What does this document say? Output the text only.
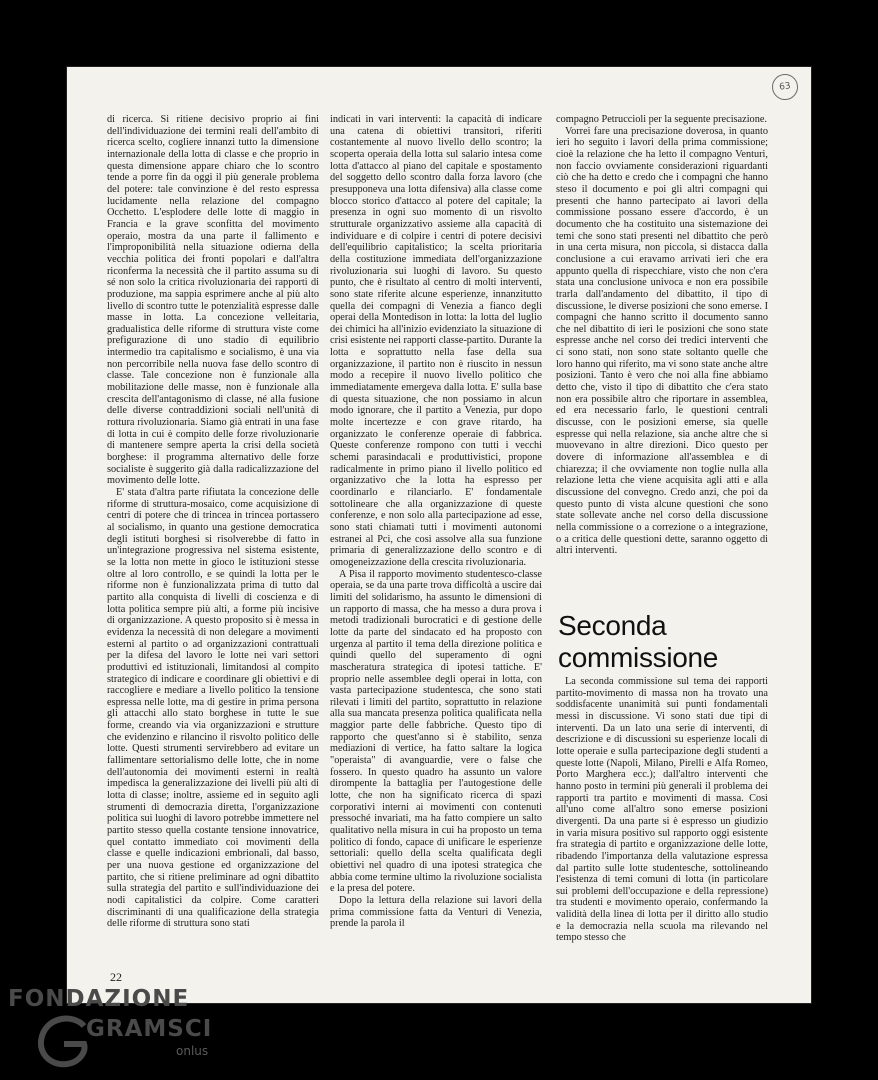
63

di ricerca. Si ritiene decisivo proprio ai fini dell'individuazione dei termini reali dell'ambito di ricerca scelto, cogliere innanzi tutto la dimensione internazionale della lotta di classe e che proprio in questa dimensione appare chiaro che lo scontro tende a porre fin da oggi il più generale problema del potere: tale convinzione è del resto espressa lucidamente nella relazione del compagno Occhetto. L'esplodere delle lotte di maggio in Francia e la grave sconfitta del movimento operaio, mostra da una parte il fallimento e l'improponibilità nella situazione odierna della vecchia politica dei fronti popolari e dall'altra riconferma la necessità che il partito assuma su di sé non solo la critica rivoluzionaria dei rapporti di produzione, ma sappia esprimere anche al più alto livello di scontro tutte le potenzialità espresse dalle masse in lotta. La concezione velleitaria, gradualistica delle riforme di struttura viste come prefigurazione di uno stadio di equilibrio intermedio tra capitalismo e socialismo, è una via non percorribile nella nuova fase dello scontro di classe. Tale concezione non è funzionale alla mobilitazione delle masse, non è funzionale alla crescita dell'antagonismo di classe, né alla fusione delle diverse contraddizioni sociali nell'unità di rottura rivoluzionaria. Siamo già entrati in una fase di lotta in cui è compito delle forze rivoluzionarie di mantenere sempre aperta la crisi della società borghese: il programma alternativo delle forze socialiste è suggerito già dalla radicalizzazione del movimento delle lotte.

E' stata d'altra parte rifiutata la concezione delle riforme di struttura-mosaico, come acquisizione di centri di potere che di trincea in trincea portassero al socialismo, in quanto una gestione democratica degli istituti borghesi si risolverebbe di fatto in un'integrazione progressiva nel sistema esistente, se la lotta non mette in gioco le istituzioni stesse oltre al loro controllo, e se quindi la lotta per le riforme non è funzionalizzata prima di tutto dal partito alla conquista di livelli di coscienza e di lotta politica sempre più alti, a forme più incisive di organizzazione. A questo proposito si è messa in evidenza la necessità di non delegare a movimenti esterni al partito o ad organizzazioni contrattuali per la difesa del lavoro le lotte nei vari settori produttivi ed istituzionali, limitandosi al compito strategico di indicare e coordinare gli obiettivi e di raccogliere e mediare a livello politico la tensione espressa nelle lotte, ma di gestire in prima persona gli attacchi allo stato borghese in tutte le sue forme, creando via via organizzazioni e strutture che evidenzino e rilancino il risvolto politico delle lotte. Questi strumenti servirebbero ad evitare un fallimentare settorialismo delle lotte, che in nome dell'autonomia dei movimenti esterni in realtà impedisca la generalizzazione dei livelli più alti di lotta di classe; inoltre, assieme ed in seguito agli strumenti di democrazia diretta, l'organizzazione politica sui luoghi di lavoro potrebbe immettere nel partito stesso quella costante tensione innovatrice, quel contatto immediato coi movimenti della classe e quelle indicazioni embrionali, dal basso, per una nuova gestione ed organizzazione del partito, che si ritiene preliminare ad ogni dibattito sulla strategia del partito e sull'individuazione dei nodi capitalistici da colpire. Come caratteri discriminanti di una qualificazione della strategia delle riforme di struttura sono stati

indicati in vari interventi: la capacità di indicare una catena di obiettivi transitori, riferiti costantemente al nuovo livello dello scontro; la scoperta operaia della lotta sul salario intesa come lotta d'attacco al piano del capitale e spostamento del soggetto dello scontro dalla forza lavoro (che presupponeva una lotta difensiva) alla classe come blocco storico d'attacco al potere del capitale; la presenza in ogni suo momento di un risvolto strutturale organizzativo assieme alla capacità di individuare e di colpire i centri di potere decisivi dell'equilibrio capitalistico; la scelta prioritaria della costituzione immediata dell'organizzazione rivoluzionaria sui luoghi di lavoro. Su questo punto, che è risultato al centro di molti interventi, sono state riferite alcune esperienze, innanzitutto quella dei compagni di Venezia a fianco degli operai della Montedison in lotta: la lotta del luglio dei chimici ha all'inizio evidenziato la situazione di crisi esistente nei rapporti classe-partito. Durante la lotta e soprattutto nella fase della sua organizzazione, il partito non è riuscito in nessun modo a recepire il nuovo livello politico che immediatamente emergeva dalla lotta. E' sulla base di questa situazione, che non possiamo in alcun modo ignorare, che il partito a Venezia, pur dopo molte incertezze e con grave ritardo, ha organizzato le conferenze operaie di fabbrica. Queste conferenze rompono con tutti i vecchi schemi parasindacali e produttivistici, propone radicalmente in primo piano il livello politico ed organizzativo che la lotta ha espresso per coordinarlo e rilanciarlo. E' fondamentale sottolineare che alla organizzazione di queste conferenze, e non solo alla partecipazione ad esse, sono stati chiamati tutti i movimenti autonomi estranei al Pci, che così assolve alla sua funzione primaria di generalizzazione dello scontro e di omogeneizzazione della crescita rivoluzionaria.

A Pisa il rapporto movimento studentesco-classe operaia, se da una parte trova difficoltà a uscire dai limiti del solidarismo, ha assunto le dimensioni di un rapporto di massa, che ha messo a dura prova i metodi tradizionali burocratici e di gestione delle lotte da parte del sindacato ed ha proposto con urgenza al partito il tema della direzione politica e quindi quello del superamento di ogni mascheratura strategica di ipotesi tattiche. E' proprio nelle assemblee degli operai in lotta, con vasta partecipazione studentesca, che sono stati rilevati i limiti del partito, soprattutto in relazione alla sua mancata presenza politica qualificata nella maggior parte delle fabbriche. Questo tipo di rapporto che quest'anno si è stabilito, senza mediazioni di vertice, ha fatto saltare la logica "operaista" di avanguardie, vere o false che fossero. In questo quadro ha assunto un valore dirompente la battaglia per l'autogestione delle lotte, che non ha significato ricerca di spazi corporativi interni ai movimenti con contenuti pressoché invariati, ma ha fatto compiere un salto qualitativo nella misura in cui ha proposto un tema politico di fondo, capace di unificare le esperienze settoriali: quello della scelta qualificata degli obiettivi nel quadro di una ipotesi strategica che abbia come termine ultimo la rivoluzione socialista e la presa del potere.

Dopo la lettura della relazione sui lavori della prima commissione fatta da Venturi di Venezia, prende la parola il

compagno Petruccioli per la seguente precisazione.

Vorrei fare una precisazione doverosa, in quanto ieri ho seguito i lavori della prima commissione; cioè la relazione che ha letto il compagno Venturi, non faccio ovviamente considerazioni riguardanti ciò che ha detto e credo che i compagni che hanno steso il documento e poi gli altri compagni qui presenti che hanno partecipato ai lavori della commissione possano essere d'accordo, è un documento che ha costituito una sistemazione dei temi che sono stati presenti nel dibattito che però in una certa misura, non piccola, si distacca dalla conclusione a cui eravamo arrivati ieri che era appunto quella di rispecchiare, visto che non c'era stata una conclusione univoca e non era possibile trarla dall'andamento del dibattito, il tipo di discussione, le diverse posizioni che sono emerse. I compagni che hanno scritto il documento sanno che nel dibattito di ieri le posizioni che sono state espresse anche nel corso dei tredici interventi che ci sono stati, non sono state soltanto quelle che loro hanno qui riferito, ma vi sono state anche altre posizioni. Tanto è vero che noi alla fine abbiamo detto che, visto il tipo di dibattito che c'era stato non era possibile altro che riportare in assemblea, ed era necessario farlo, le questioni centrali discusse, con le posizioni emerse, sia quelle espresse qui nella relazione, sia anche altre che si muovevano in altre direzioni. Dico questo per dovere di informazione all'assemblea e di chiarezza; il che ovviamente non toglie nulla alla relazione letta che viene acquisita agli atti e alla discussione del convegno. Credo anzi, che poi da questo punto di vista alcune questioni che sono state sollevate anche nel corso della discussione nella commissione o a correzione o a integrazione, o a critica delle questioni dette, saranno oggetto di altri interventi.

Seconda
commissione

La seconda commissione sul tema dei rapporti partito-movimento di massa non ha trovato una soddisfacente unanimità sui punti fondamentali messi in discussione. Vi sono stati due tipi di interventi. Da un lato una serie di interventi, di descrizione e di discussioni su esperienze locali di lotte operaie e sulla partecipazione degli studenti a queste lotte (Napoli, Milano, Pirelli e Alfa Romeo, Porto Marghera ecc.); dall'altro interventi che hanno posto in termini più generali il problema dei rapporti tra partito e movimenti di massa. Così all'uno come all'altro sono emerse posizioni divergenti. Da una parte si è espresso un giudizio in varia misura positivo sul rapporto oggi esistente fra strategia di partito e organizzazione delle lotte, ribadendo l'importanza della valutazione espressa dal partito sulle lotte studentesche, sottolineando l'esistenza di temi comuni di lotta (in particolare sui problemi dell'occupazione e della repressione) tra studenti e movimento operaio, confermando la validità della linea di lotta per il diritto allo studio e la democrazia nella scuola ma rilevando nel tempo stesso che

22
FONDAZIONE
GRAMSCI
onlus
